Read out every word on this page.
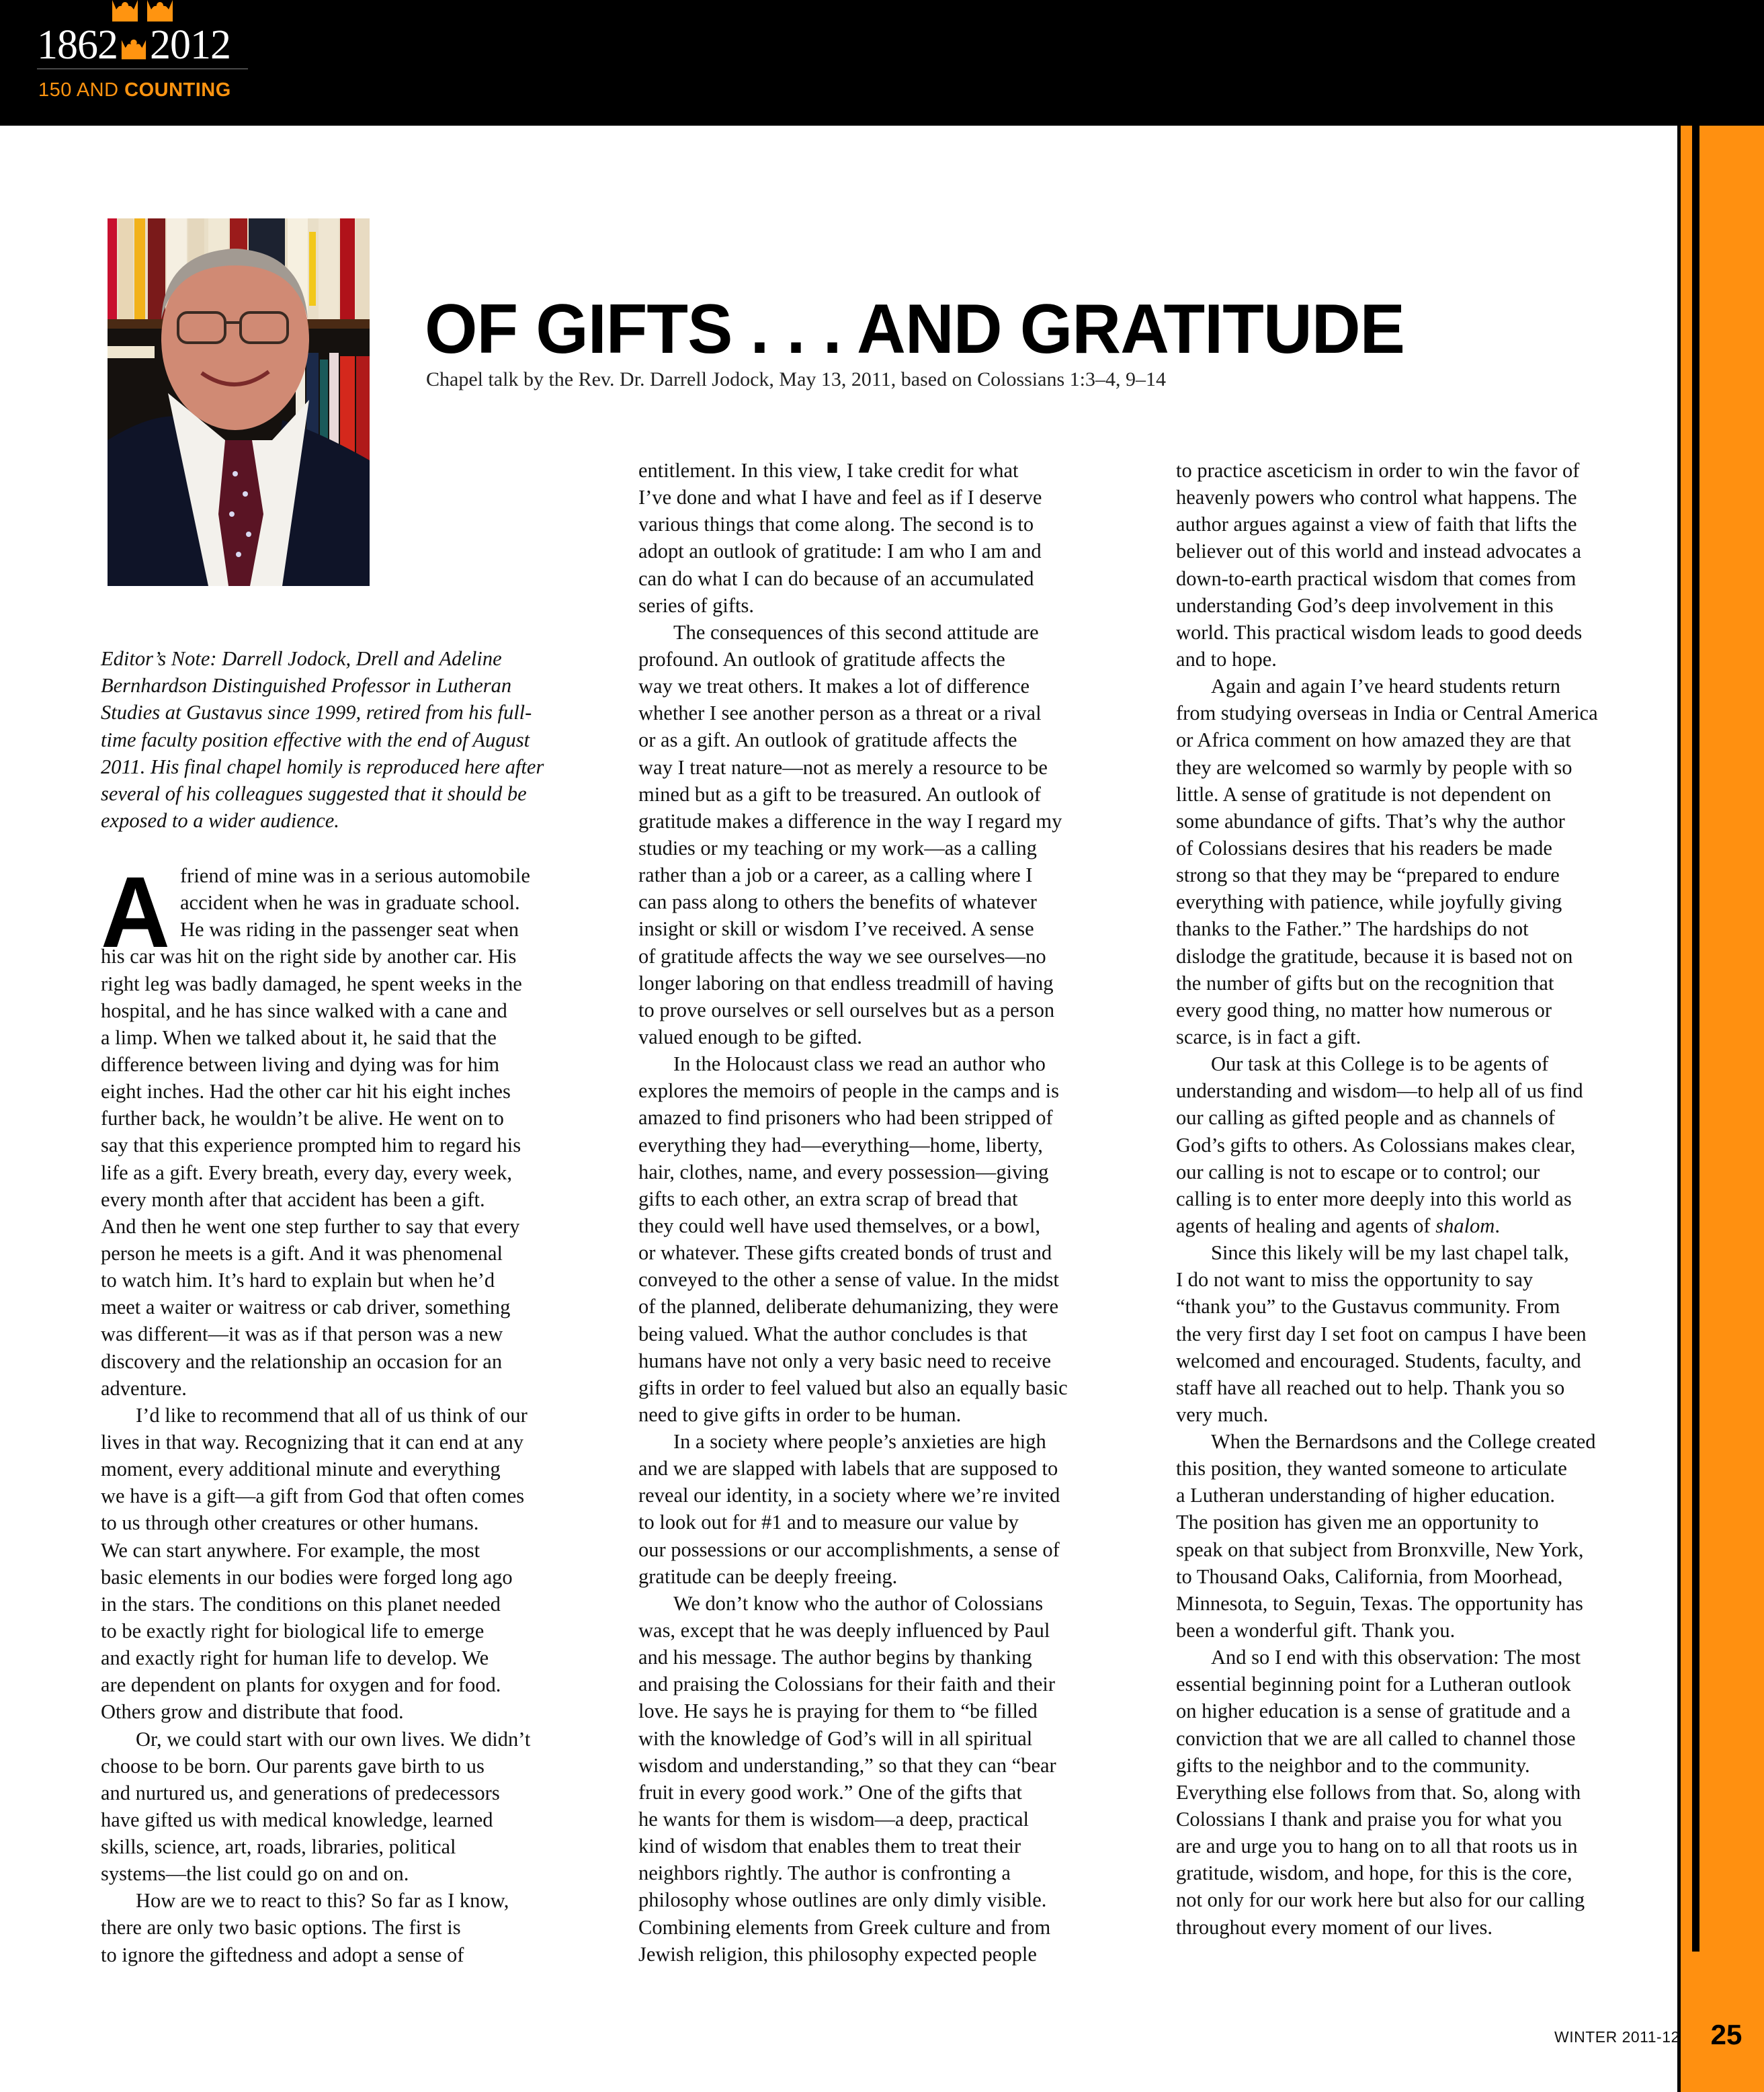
1862 2012
150 AND COUNTING
OF GIFTS . . . AND GRATITUDE
Chapel talk by the Rev. Dr. Darrell Jodock, May 13, 2011, based on Colossians 1:3–4, 9–14
Editor’s Note: Darrell Jodock, Drell and Adeline
Bernhardson Distinguished Professor in Lutheran
Studies at Gustavus since 1999, retired from his full-
time faculty position effective with the end of August
2011. His final chapel homily is reproduced here after
several of his colleagues suggested that it should be
exposed to a wider audience.
A friend of mine was in a serious automobile
accident when he was in graduate school.
He was riding in the passenger seat when
his car was hit on the right side by another car. His
right leg was badly damaged, he spent weeks in the
hospital, and he has since walked with a cane and
a limp. When we talked about it, he said that the
difference between living and dying was for him
eight inches. Had the other car hit his eight inches
further back, he wouldn’t be alive. He went on to
say that this experience prompted him to regard his
life as a gift. Every breath, every day, every week,
every month after that accident has been a gift.
And then he went one step further to say that every
person he meets is a gift. And it was phenomenal
to watch him. It’s hard to explain but when he’d
meet a waiter or waitress or cab driver, something
was different—it was as if that person was a new
discovery and the relationship an occasion for an
adventure.
I’d like to recommend that all of us think of our
lives in that way. Recognizing that it can end at any
moment, every additional minute and everything
we have is a gift—a gift from God that often comes
to us through other creatures or other humans.
We can start anywhere. For example, the most
basic elements in our bodies were forged long ago
in the stars. The conditions on this planet needed
to be exactly right for biological life to emerge
and exactly right for human life to develop. We
are dependent on plants for oxygen and for food.
Others grow and distribute that food.
Or, we could start with our own lives. We didn’t
choose to be born. Our parents gave birth to us
and nurtured us, and generations of predecessors
have gifted us with medical knowledge, learned
skills, science, art, roads, libraries, political
systems—the list could go on and on.
How are we to react to this? So far as I know,
there are only two basic options. The first is
to ignore the giftedness and adopt a sense of
entitlement. In this view, I take credit for what
I’ve done and what I have and feel as if I deserve
various things that come along. The second is to
adopt an outlook of gratitude: I am who I am and
can do what I can do because of an accumulated
series of gifts.
The consequences of this second attitude are
profound. An outlook of gratitude affects the
way we treat others. It makes a lot of difference
whether I see another person as a threat or a rival
or as a gift. An outlook of gratitude affects the
way I treat nature—not as merely a resource to be
mined but as a gift to be treasured. An outlook of
gratitude makes a difference in the way I regard my
studies or my teaching or my work—as a calling
rather than a job or a career, as a calling where I
can pass along to others the benefits of whatever
insight or skill or wisdom I’ve received. A sense
of gratitude affects the way we see ourselves—no
longer laboring on that endless treadmill of having
to prove ourselves or sell ourselves but as a person
valued enough to be gifted.
In the Holocaust class we read an author who
explores the memoirs of people in the camps and is
amazed to find prisoners who had been stripped of
everything they had—everything—home, liberty,
hair, clothes, name, and every possession—giving
gifts to each other, an extra scrap of bread that
they could well have used themselves, or a bowl,
or whatever. These gifts created bonds of trust and
conveyed to the other a sense of value. In the midst
of the planned, deliberate dehumanizing, they were
being valued. What the author concludes is that
humans have not only a very basic need to receive
gifts in order to feel valued but also an equally basic
need to give gifts in order to be human.
In a society where people’s anxieties are high
and we are slapped with labels that are supposed to
reveal our identity, in a society where we’re invited
to look out for #1 and to measure our value by
our possessions or our accomplishments, a sense of
gratitude can be deeply freeing.
We don’t know who the author of Colossians
was, except that he was deeply influenced by Paul
and his message. The author begins by thanking
and praising the Colossians for their faith and their
love. He says he is praying for them to “be filled
with the knowledge of God’s will in all spiritual
wisdom and understanding,” so that they can “bear
fruit in every good work.” One of the gifts that
he wants for them is wisdom—a deep, practical
kind of wisdom that enables them to treat their
neighbors rightly. The author is confronting a
philosophy whose outlines are only dimly visible.
Combining elements from Greek culture and from
Jewish religion, this philosophy expected people
to practice asceticism in order to win the favor of
heavenly powers who control what happens. The
author argues against a view of faith that lifts the
believer out of this world and instead advocates a
down-to-earth practical wisdom that comes from
understanding God’s deep involvement in this
world. This practical wisdom leads to good deeds
and to hope.
Again and again I’ve heard students return
from studying overseas in India or Central America
or Africa comment on how amazed they are that
they are welcomed so warmly by people with so
little. A sense of gratitude is not dependent on
some abundance of gifts. That’s why the author
of Colossians desires that his readers be made
strong so that they may be “prepared to endure
everything with patience, while joyfully giving
thanks to the Father.” The hardships do not
dislodge the gratitude, because it is based not on
the number of gifts but on the recognition that
every good thing, no matter how numerous or
scarce, is in fact a gift.
Our task at this College is to be agents of
understanding and wisdom—to help all of us find
our calling as gifted people and as channels of
God’s gifts to others. As Colossians makes clear,
our calling is not to escape or to control; our
calling is to enter more deeply into this world as
agents of healing and agents of shalom.
Since this likely will be my last chapel talk,
I do not want to miss the opportunity to say
“thank you” to the Gustavus community. From
the very first day I set foot on campus I have been
welcomed and encouraged. Students, faculty, and
staff have all reached out to help. Thank you so
very much.
When the Bernardsons and the College created
this position, they wanted someone to articulate
a Lutheran understanding of higher education.
The position has given me an opportunity to
speak on that subject from Bronxville, New York,
to Thousand Oaks, California, from Moorhead,
Minnesota, to Seguin, Texas. The opportunity has
been a wonderful gift. Thank you.
And so I end with this observation: The most
essential beginning point for a Lutheran outlook
on higher education is a sense of gratitude and a
conviction that we are all called to channel those
gifts to the neighbor and to the community.
Everything else follows from that. So, along with
Colossians I thank and praise you for what you
are and urge you to hang on to all that roots us in
gratitude, wisdom, and hope, for this is the core,
not only for our work here but also for our calling
throughout every moment of our lives.
WINTER 2011-12	25
